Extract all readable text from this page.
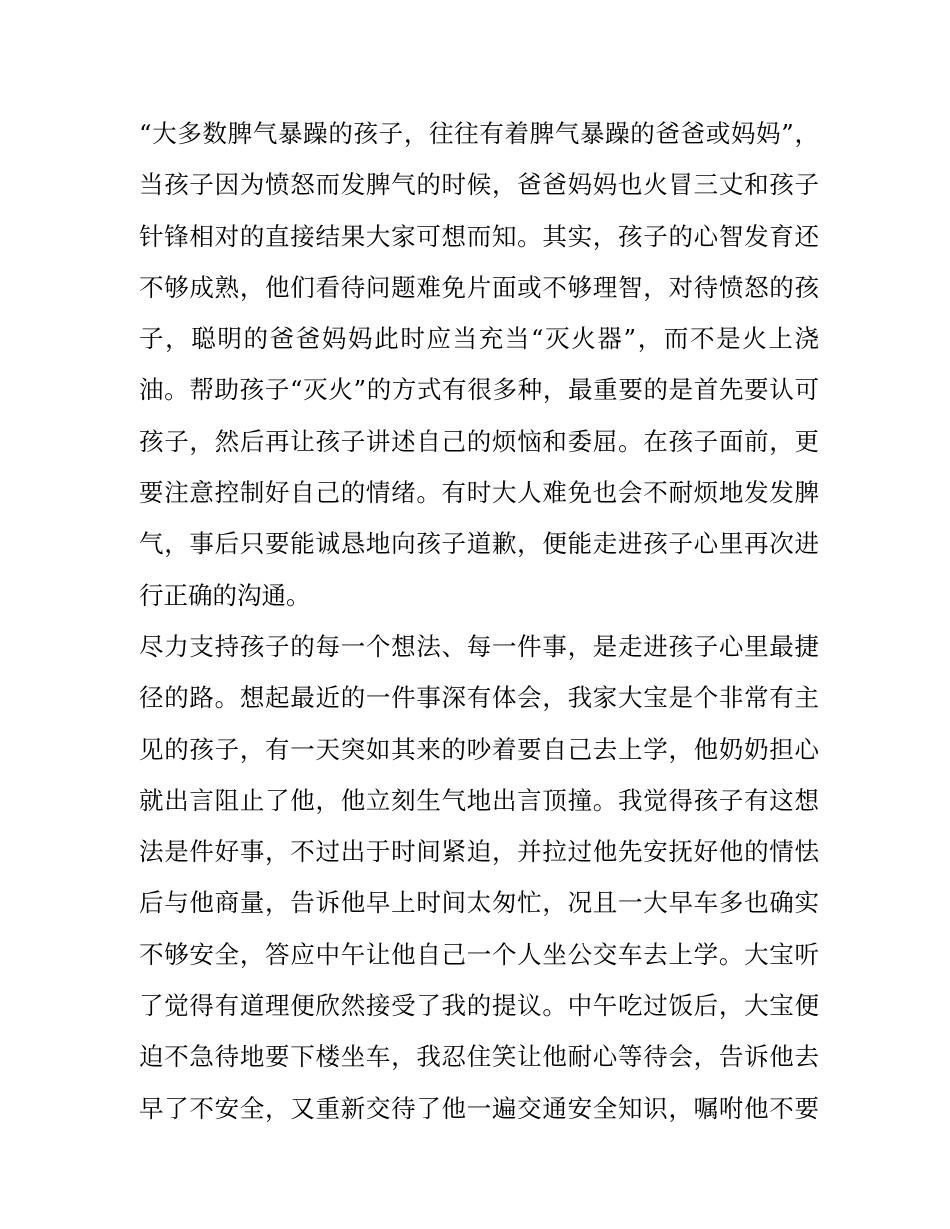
“大多数脾气暴躁的孩子，往往有着脾气暴躁的爸爸或妈妈”，
当孩子因为愤怒而发脾气的时候，爸爸妈妈也火冒三丈和孩子
针锋相对的直接结果大家可想而知。其实，孩子的心智发育还
不够成熟，他们看待问题难免片面或不够理智，对待愤怒的孩
子，聪明的爸爸妈妈此时应当充当“灭火器”，而不是火上浇
油。帮助孩子“灭火”的方式有很多种，最重要的是首先要认可
孩子，然后再让孩子讲述自己的烦恼和委屈。在孩子面前，更
要注意控制好自己的情绪。有时大人难免也会不耐烦地发发脾
气，事后只要能诚恳地向孩子道歉，便能走进孩子心里再次进
行正确的沟通。
尽力支持孩子的每一个想法、每一件事，是走进孩子心里最捷
径的路。想起最近的一件事深有体会，我家大宝是个非常有主
见的孩子，有一天突如其来的吵着要自己去上学，他奶奶担心
就出言阻止了他，他立刻生气地出言顶撞。我觉得孩子有这想
法是件好事，不过出于时间紧迫，并拉过他先安抚好他的情怯
后与他商量，告诉他早上时间太匆忙，况且一大早车多也确实
不够安全，答应中午让他自己一个人坐公交车去上学。大宝听
了觉得有道理便欣然接受了我的提议。中午吃过饭后，大宝便
迫不急待地要下楼坐车，我忍住笑让他耐心等待会，告诉他去
早了不安全，又重新交待了他一遍交通安全知识，嘱咐他不要
